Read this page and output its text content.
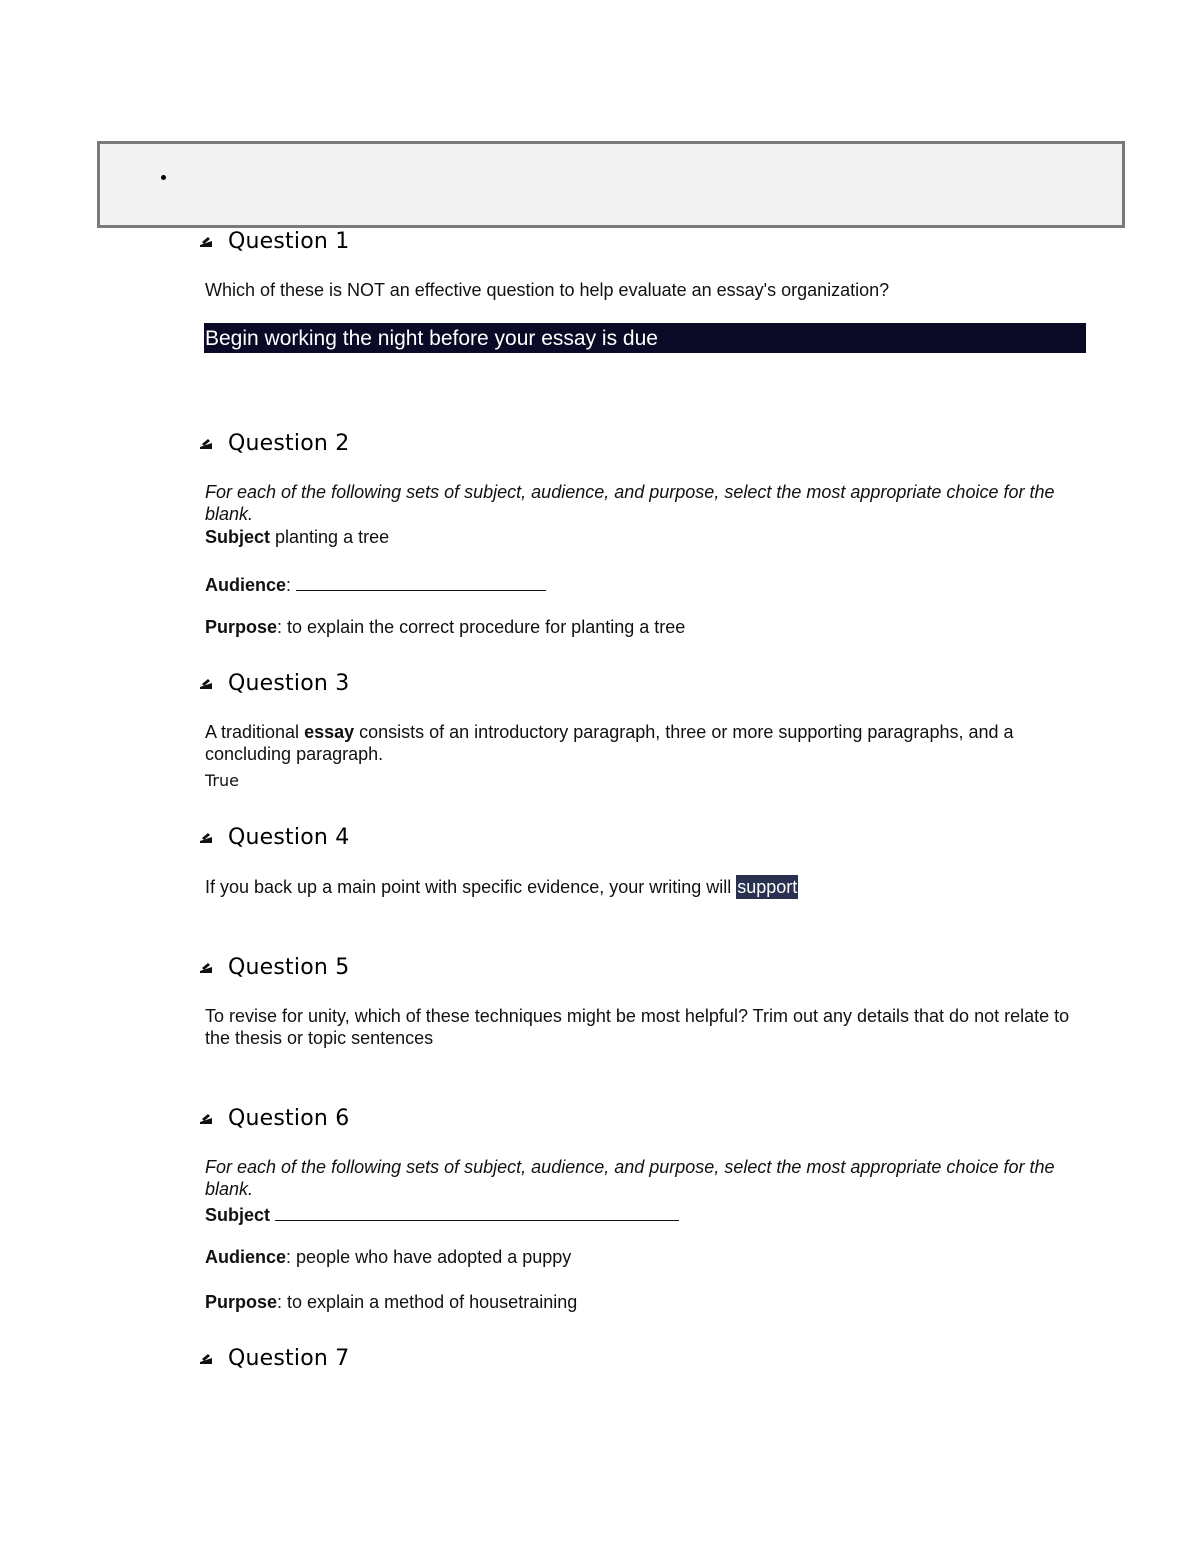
Question 1
Which of these is NOT an effective question to help evaluate an essay's organization?
Begin working the night before your essay is due
Question 2
For each of the following sets of subject, audience, and purpose, select the most appropriate choice for the blank.
Subject planting a tree
Audience:
Purpose: to explain the correct procedure for planting a tree
Question 3
A traditional essay consists of an introductory paragraph, three or more supporting paragraphs, and a concluding paragraph.
True
Question 4
If you back up a main point with specific evidence, your writing will support
Question 5
To revise for unity, which of these techniques might be most helpful? Trim out any details that do not relate to the thesis or topic sentences
Question 6
For each of the following sets of subject, audience, and purpose, select the most appropriate choice for the blank.
Subject
Audience: people who have adopted a puppy
Purpose: to explain a method of housetraining
Question 7
